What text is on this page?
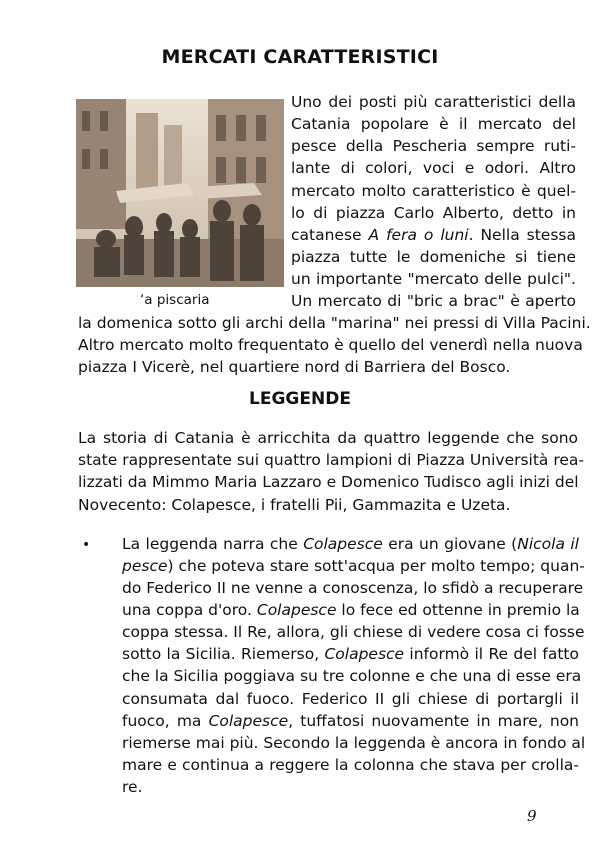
MERCATI CARATTERISTICI
‘a piscaria
Uno dei posti più caratteristici della
Catania popolare è il mercato del
pesce della Pescheria sempre ruti-
lante di colori, voci e odori. Altro
mercato molto caratteristico è quel-
lo di piazza Carlo Alberto, detto in
catanese A fera o luni. Nella stessa
piazza tutte le domeniche si tiene
un importante "mercato delle pulci".
Un mercato di "bric a brac" è aperto
la domenica sotto gli archi della "marina" nei pressi di Villa Pacini.
Altro mercato molto frequentato è quello del venerdì nella nuova
piazza I Vicerè, nel quartiere nord di Barriera del Bosco.
LEGGENDE
La storia di Catania è arricchita da quattro leggende che sono
state rappresentate sui quattro lampioni di Piazza Università rea-
lizzati da Mimmo Maria Lazzaro e Domenico Tudisco agli inizi del
Novecento: Colapesce, i fratelli Pii, Gammazita e Uzeta.
• La leggenda narra che Colapesce era un giovane (Nicola il
pesce) che poteva stare sott'acqua per molto tempo; quan-
do Federico II ne venne a conoscenza, lo sfidò a recuperare
una coppa d'oro. Colapesce lo fece ed ottenne in premio la
coppa stessa. Il Re, allora, gli chiese di vedere cosa ci fosse
sotto la Sicilia. Riemerso, Colapesce informò il Re del fatto
che la Sicilia poggiava su tre colonne e che una di esse era
consumata dal fuoco. Federico II gli chiese di portargli il
fuoco, ma Colapesce, tuffatosi nuovamente in mare, non
riemerse mai più. Secondo la leggenda è ancora in fondo al
mare e continua a reggere la colonna che stava per crolla-
re.
9
